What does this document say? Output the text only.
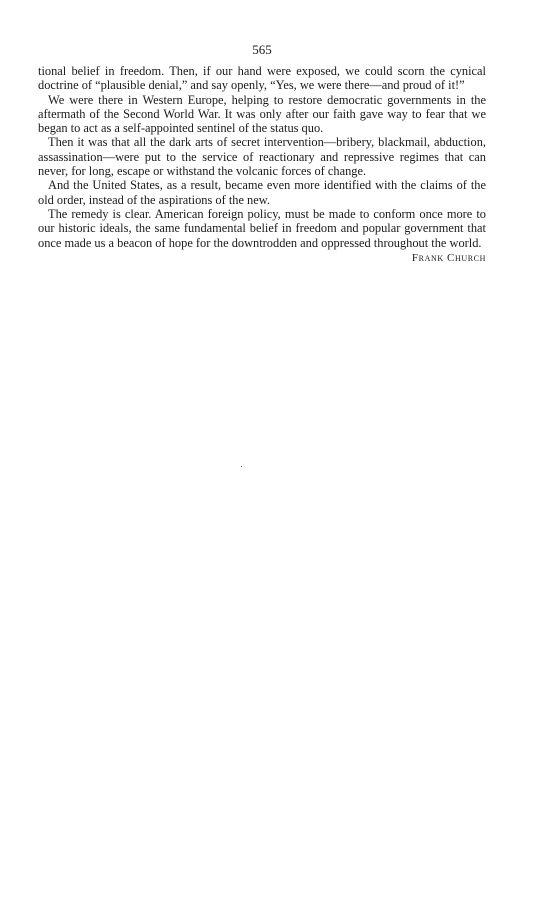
565

tional belief in freedom. Then, if our hand were exposed, we could scorn the cynical doctrine of “plausible denial,” and say openly, “Yes, we were there—and proud of it!”

We were there in Western Europe, helping to restore democratic governments in the aftermath of the Second World War. It was only after our faith gave way to fear that we began to act as a self-appointed sentinel of the status quo.

Then it was that all the dark arts of secret intervention—bribery, blackmail, abduction, assassination—were put to the service of reactionary and repressive regimes that can never, for long, escape or withstand the volcanic forces of change.

And the United States, as a result, became even more identified with the claims of the old order, instead of the aspirations of the new.

The remedy is clear. American foreign policy, must be made to conform once more to our historic ideals, the same fundamental belief in freedom and popular government that once made us a beacon of hope for the downtrodden and oppressed throughout the world.

Frank Church
